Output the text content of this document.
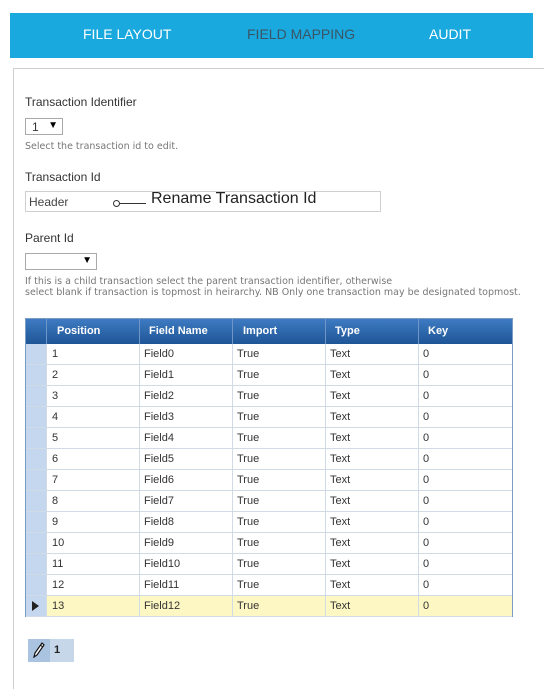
FILE LAYOUT	FIELD MAPPING	AUDIT
Transaction Identifier
1 ▼
Select the transaction id to edit.
Transaction Id
Header	Rename Transaction Id
Parent Id
▼
If this is a child transaction select the parent transaction identifier, otherwise
select blank if transaction is topmost in heirarchy. NB Only one transaction may be designated topmost.
Position	Field Name	Import	Type	Key
1	Field0	True	Text	0
2	Field1	True	Text	0
3	Field2	True	Text	0
4	Field3	True	Text	0
5	Field4	True	Text	0
6	Field5	True	Text	0
7	Field6	True	Text	0
8	Field7	True	Text	0
9	Field8	True	Text	0
10	Field9	True	Text	0
11	Field10	True	Text	0
12	Field11	True	Text	0
13	Field12	True	Text	0
1
